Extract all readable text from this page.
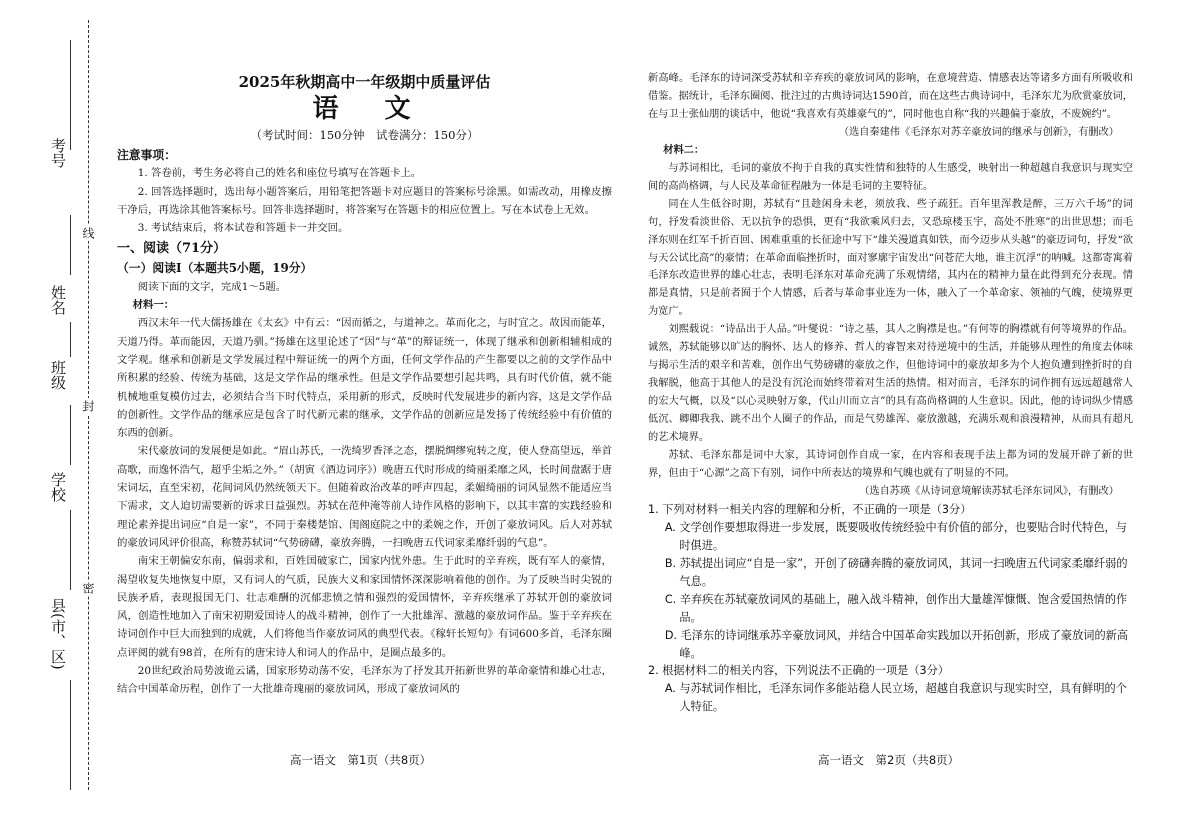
线
封
密
考号
姓名
班级
学校
县(市、区)
2025年秋期高中一年级期中质量评估
语文
（考试时间：150分钟　试卷满分：150分）
注意事项：
1. 答卷前，考生务必将自己的姓名和座位号填写在答题卡上。
2. 回答选择题时，选出每小题答案后，用铅笔把答题卡对应题目的答案标号涂黑。如需改动，用橡皮擦干净后，再选涂其他答案标号。回答非选择题时，将答案写在答题卡的相应位置上。写在本试卷上无效。
3. 考试结束后，将本试卷和答题卡一并交回。
一、阅读（71分）
（一）阅读Ⅰ（本题共5小题，19分）
阅读下面的文字，完成1～5题。
材料一：
西汉末年一代大儒扬雄在《太玄》中有云：“因而循之，与道神之。革而化之，与时宜之。故因而能革，天道乃得。革而能因，天道乃驯。”扬雄在这里论述了“因”与“革”的辩证统一，体现了继承和创新相辅相成的文学观。继承和创新是文学发展过程中辩证统一的两个方面，任何文学作品的产生都要以之前的文学作品中所积累的经验、传统为基础，这是文学作品的继承性。但是文学作品要想引起共鸣，具有时代价值，就不能机械地重复模仿过去，必须结合当下时代特点，采用新的形式，反映时代发展进步的新内容，这是文学作品的创新性。文学作品的继承应是包含了时代新元素的继承，文学作品的创新应是发扬了传统经验中有价值的东西的创新。
宋代豪放词的发展便是如此。“眉山苏氏，一洗绮罗香泽之态，摆脱绸缪宛转之度，使人登高望远，举首高歌，而逸怀浩气，超乎尘垢之外。”（胡寅《酒边词序》）晚唐五代时形成的绮丽柔靡之风，长时间盘踞于唐宋词坛，直至宋初，花间词风仍然统领天下。但随着政治改革的呼声四起，柔媚绮丽的词风显然不能适应当下需求，文人迫切需要新的诉求日益强烈。苏轼在范仲淹等前人诗作风格的影响下，以其丰富的实践经验和理论素养提出词应“自是一家”，不同于秦楼楚馆、闺阁庭院之中的柔婉之作，开创了豪放词风。后人对苏轼的豪放词风评价很高，称赞苏轼词“气势磅礴，豪放奔腾，一扫晚唐五代词家柔靡纤弱的气息”。
南宋王朝偏安东南，偏弱求和，百姓国破家亡，国家内忧外患。生于此时的辛弃疾，既有军人的豪情，渴望收复失地恢复中原，又有词人的气质，民族大义和家国情怀深深影响着他的创作。为了反映当时尖锐的民族矛盾，表现报国无门、壮志难酬的沉郁悲愤之情和强烈的爱国情怀，辛弃疾继承了苏轼开创的豪放词风，创造性地加入了南宋初期爱国诗人的战斗精神，创作了一大批雄浑、激越的豪放词作品。鉴于辛弃疾在诗词创作中巨大而独到的成就，人们将他当作豪放词风的典型代表。《稼轩长短句》有词600多首，毛泽东圈点评阅的就有98首，在所有的唐宋诗人和词人的作品中，是圈点最多的。
20世纪政治局势波诡云谲，国家形势动荡不安，毛泽东为了抒发其开拓新世界的革命豪情和雄心壮志，结合中国革命历程，创作了一大批雄奇瑰丽的豪放词风，形成了豪放词风的
新高峰。毛泽东的诗词深受苏轼和辛弃疾的豪放词风的影响，在意境营造、情感表达等诸多方面有所吸收和借鉴。据统计，毛泽东圈阅、批注过的古典诗词达1590首，而在这些古典诗词中，毛泽东尤为欣赏豪放词，在与卫士张仙朋的谈话中，他说“我喜欢有英雄豪气的”，同时他也自称“我的兴趣偏于豪放，不废婉约”。
（选自秦建伟《毛泽东对苏辛豪放词的继承与创新》，有删改）
材料二：
与苏词相比，毛词的豪放不拘于自我的真实性情和独特的人生感受，映射出一种超越自我意识与现实空间的高尚格调，与人民及革命征程融为一体是毛词的主要特征。
同在人生低谷时期，苏轼有“且趁闲身未老，须放我、些子疏狂。百年里浑教是醉，三万六千场”的词句，抒发看淡世俗、无以抗争的恐惧，更有“我欲乘风归去，又恐琼楼玉宇，高处不胜寒”的出世思想；而毛泽东则在红军千折百回、困难重重的长征途中写下“雄关漫道真如铁，而今迈步从头越”的豪迈词句，抒发“欲与天公试比高”的豪情；在革命面临挫折时，面对寥廓宇宙发出“问苍茫大地，谁主沉浮”的呐喊。这都寄寓着毛泽东改造世界的雄心壮志，表明毛泽东对革命充满了乐观情绪，其内在的精神力量在此得到充分表现。情都是真情，只是前者囿于个人情感，后者与革命事业连为一体，融入了一个革命家、领袖的气魄，使境界更为宽广。
刘熙载说：“诗品出于人品。”叶燮说：“诗之基，其人之胸襟是也。”有何等的胸襟就有何等境界的作品。诚然，苏轼能够以旷达的胸怀、达人的修养、哲人的睿智来对待逆境中的生活，并能够从理性的角度去体味与揭示生活的艰辛和苦难，创作出气势磅礴的豪放之作，但他诗词中的豪放却多为个人抱负遭到挫折时的自我解脱，他高于其他人的是没有沉沦而始终带着对生活的热情。相对而言，毛泽东的词作拥有远远超越常人的宏大气概，以及“以心灵映射万象，代山川而立言”的具有高尚格调的人生意识。因此，他的诗词纵少情感低沉、卿卿我我、跳不出个人圈子的作品，而是气势雄浑、豪放激越，充满乐观和浪漫精神，从而具有超凡的艺术境界。
苏轼、毛泽东都是词中大家，其诗词创作自成一家，在内容和表现手法上都为词的发展开辟了新的世界，但由于“心源”之高下有别，词作中所表达的境界和气魄也就有了明显的不同。
（选自苏瑛《从诗词意境解读苏轼毛泽东词风》，有删改）
1. 下列对材料一相关内容的理解和分析，不正确的一项是（3分）
A. 文学创作要想取得进一步发展，既要吸收传统经验中有价值的部分，也要贴合时代特色，与时俱进。
B. 苏轼提出词应“自是一家”，开创了磅礴奔腾的豪放词风，其词一扫晚唐五代词家柔靡纤弱的气息。
C. 辛弃疾在苏轼豪放词风的基础上，融入战斗精神，创作出大量雄浑慷慨、饱含爱国热情的作品。
D. 毛泽东的诗词继承苏辛豪放词风，并结合中国革命实践加以开拓创新，形成了豪放词的新高峰。
2. 根据材料二的相关内容，下列说法不正确的一项是（3分）
A. 与苏轼词作相比，毛泽东词作多能站稳人民立场，超越自我意识与现实时空，具有鲜明的个人特征。
高一语文　第1页（共8页）	高一语文　第2页（共8页）
